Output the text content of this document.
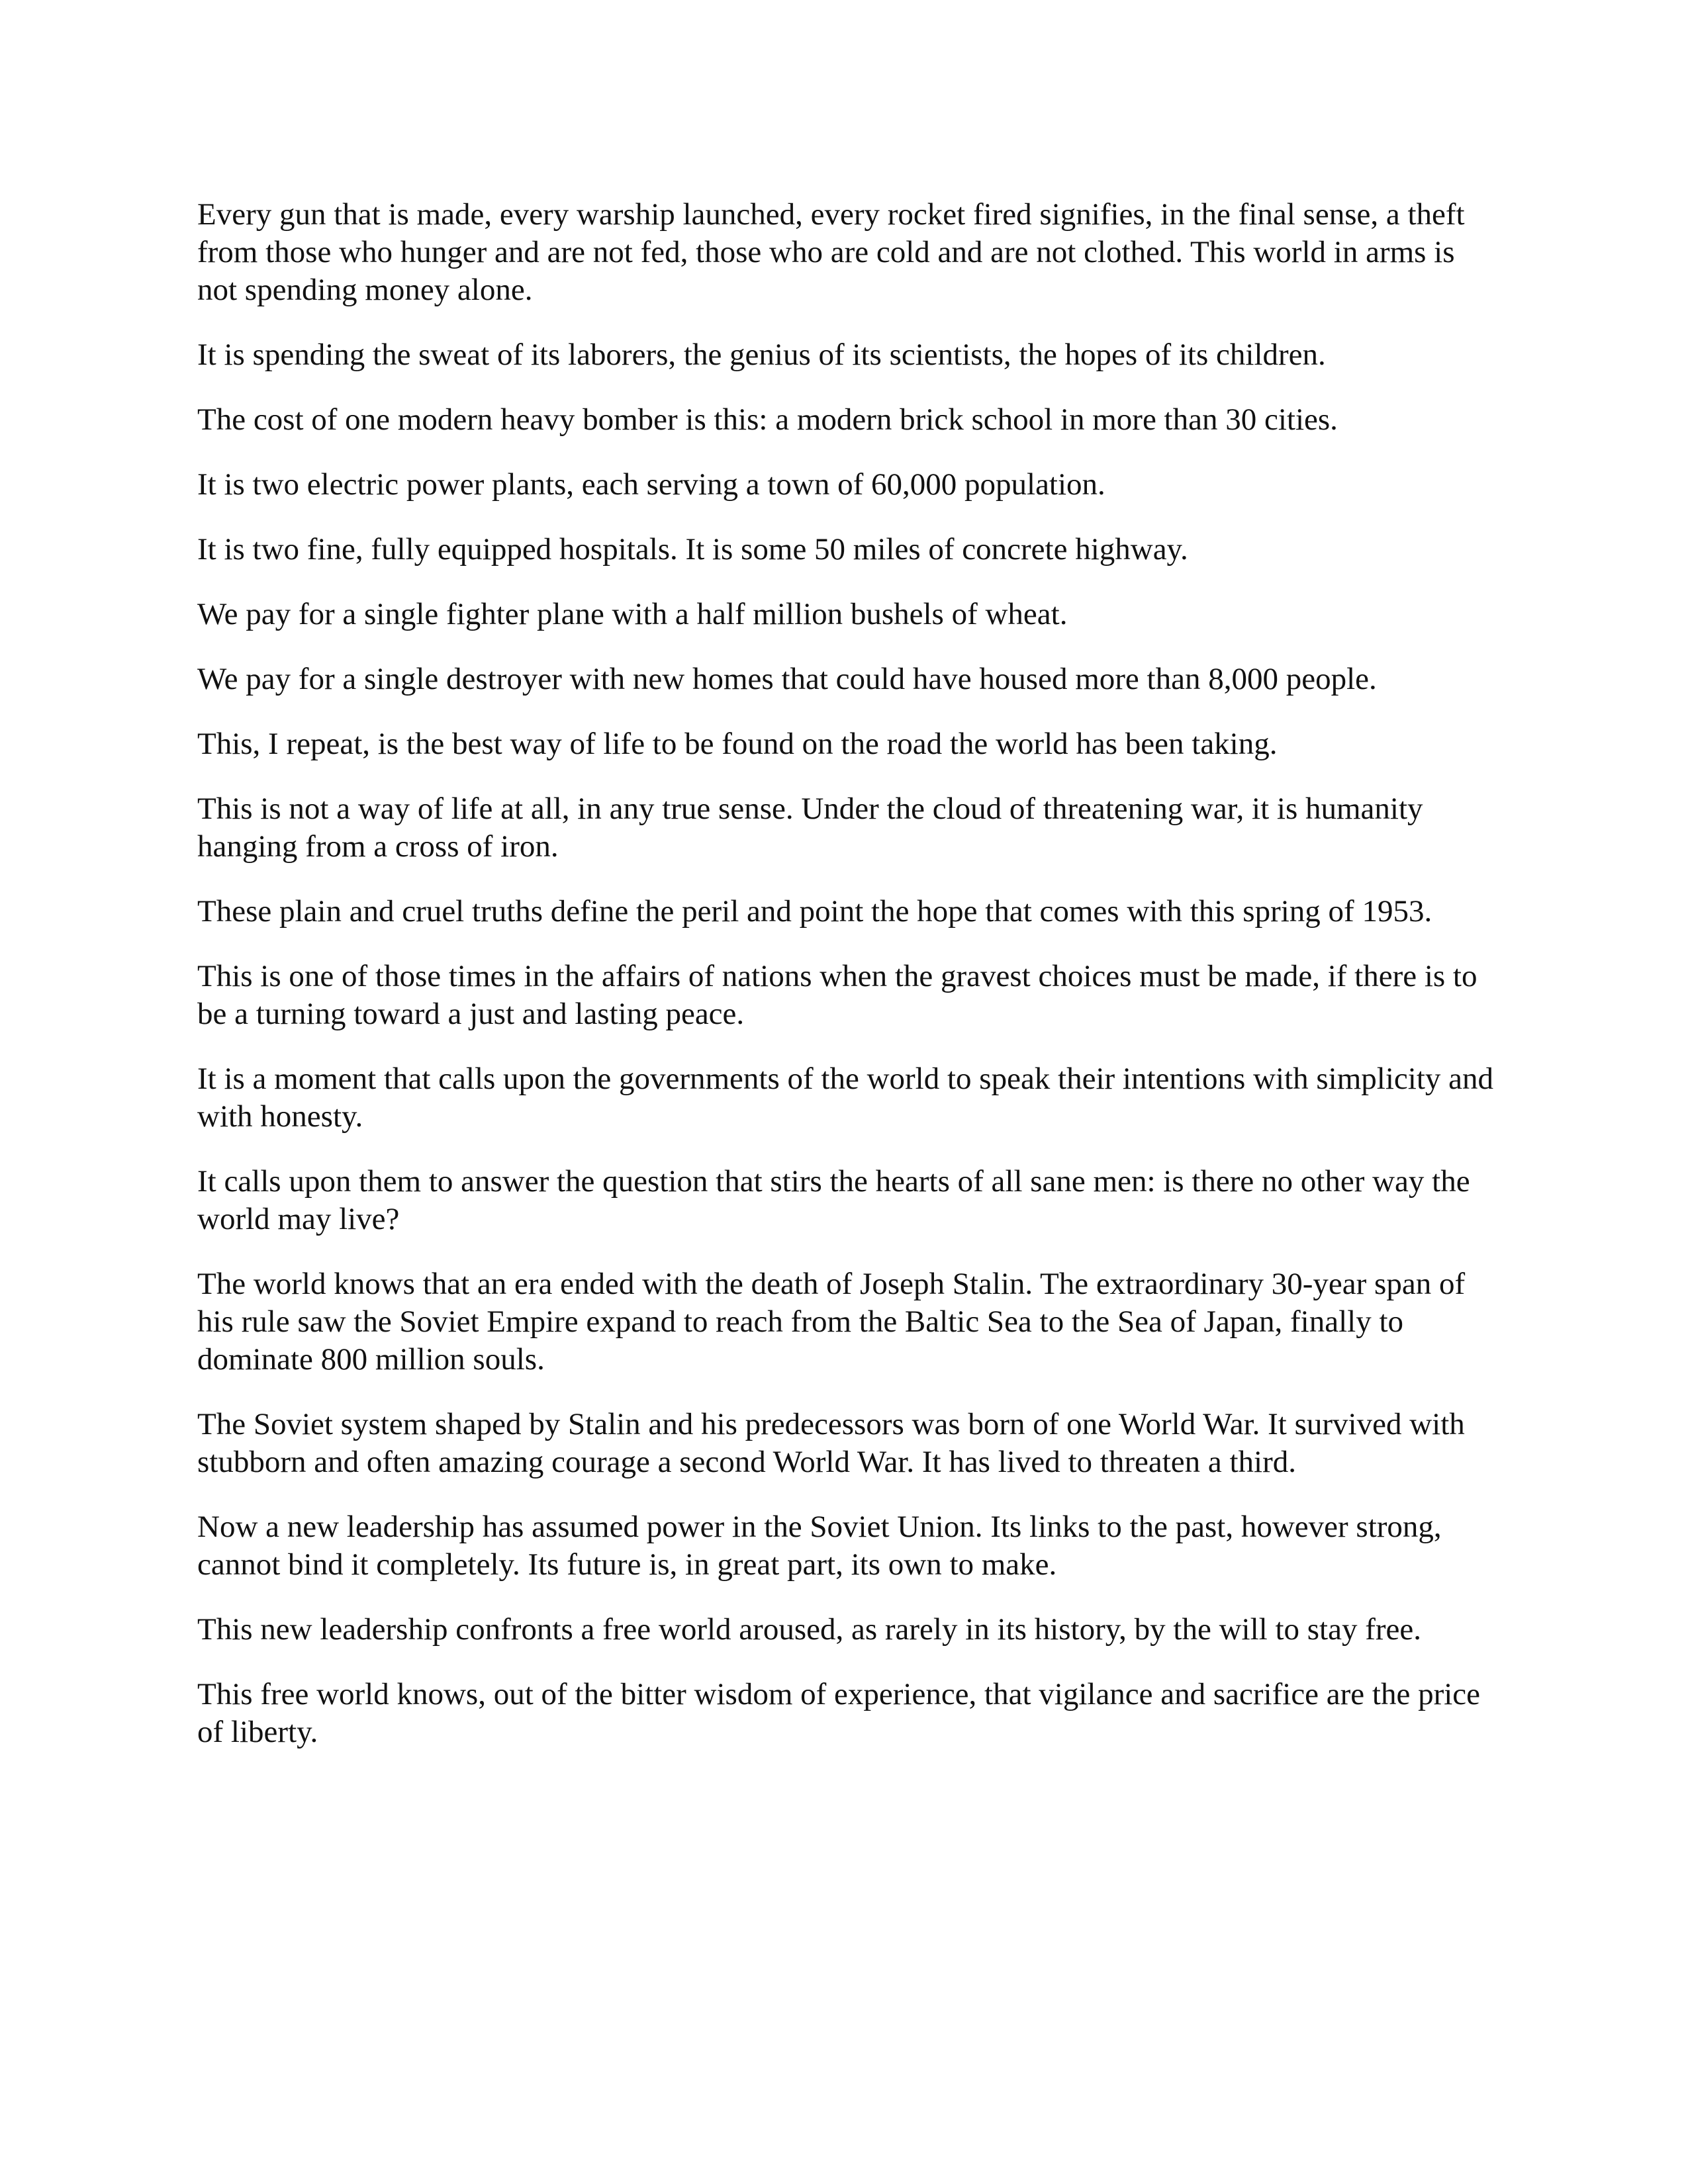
Every gun that is made, every warship launched, every rocket fired signifies, in the final sense, a theft from those who hunger and are not fed, those who are cold and are not clothed. This world in arms is not spending money alone.

It is spending the sweat of its laborers, the genius of its scientists, the hopes of its children.

The cost of one modern heavy bomber is this: a modern brick school in more than 30 cities.

It is two electric power plants, each serving a town of 60,000 population.

It is two fine, fully equipped hospitals. It is some 50 miles of concrete highway.

We pay for a single fighter plane with a half million bushels of wheat.

We pay for a single destroyer with new homes that could have housed more than 8,000 people.

This, I repeat, is the best way of life to be found on the road the world has been taking.

This is not a way of life at all, in any true sense. Under the cloud of threatening war, it is humanity hanging from a cross of iron.

These plain and cruel truths define the peril and point the hope that comes with this spring of 1953.

This is one of those times in the affairs of nations when the gravest choices must be made, if there is to be a turning toward a just and lasting peace.

It is a moment that calls upon the governments of the world to speak their intentions with simplicity and with honesty.

It calls upon them to answer the question that stirs the hearts of all sane men: is there no other way the world may live?

The world knows that an era ended with the death of Joseph Stalin. The extraordinary 30-year span of his rule saw the Soviet Empire expand to reach from the Baltic Sea to the Sea of Japan, finally to dominate 800 million souls.

The Soviet system shaped by Stalin and his predecessors was born of one World War. It survived with stubborn and often amazing courage a second World War. It has lived to threaten a third.

Now a new leadership has assumed power in the Soviet Union. Its links to the past, however strong, cannot bind it completely. Its future is, in great part, its own to make.

This new leadership confronts a free world aroused, as rarely in its history, by the will to stay free.

This free world knows, out of the bitter wisdom of experience, that vigilance and sacrifice are the price of liberty.
